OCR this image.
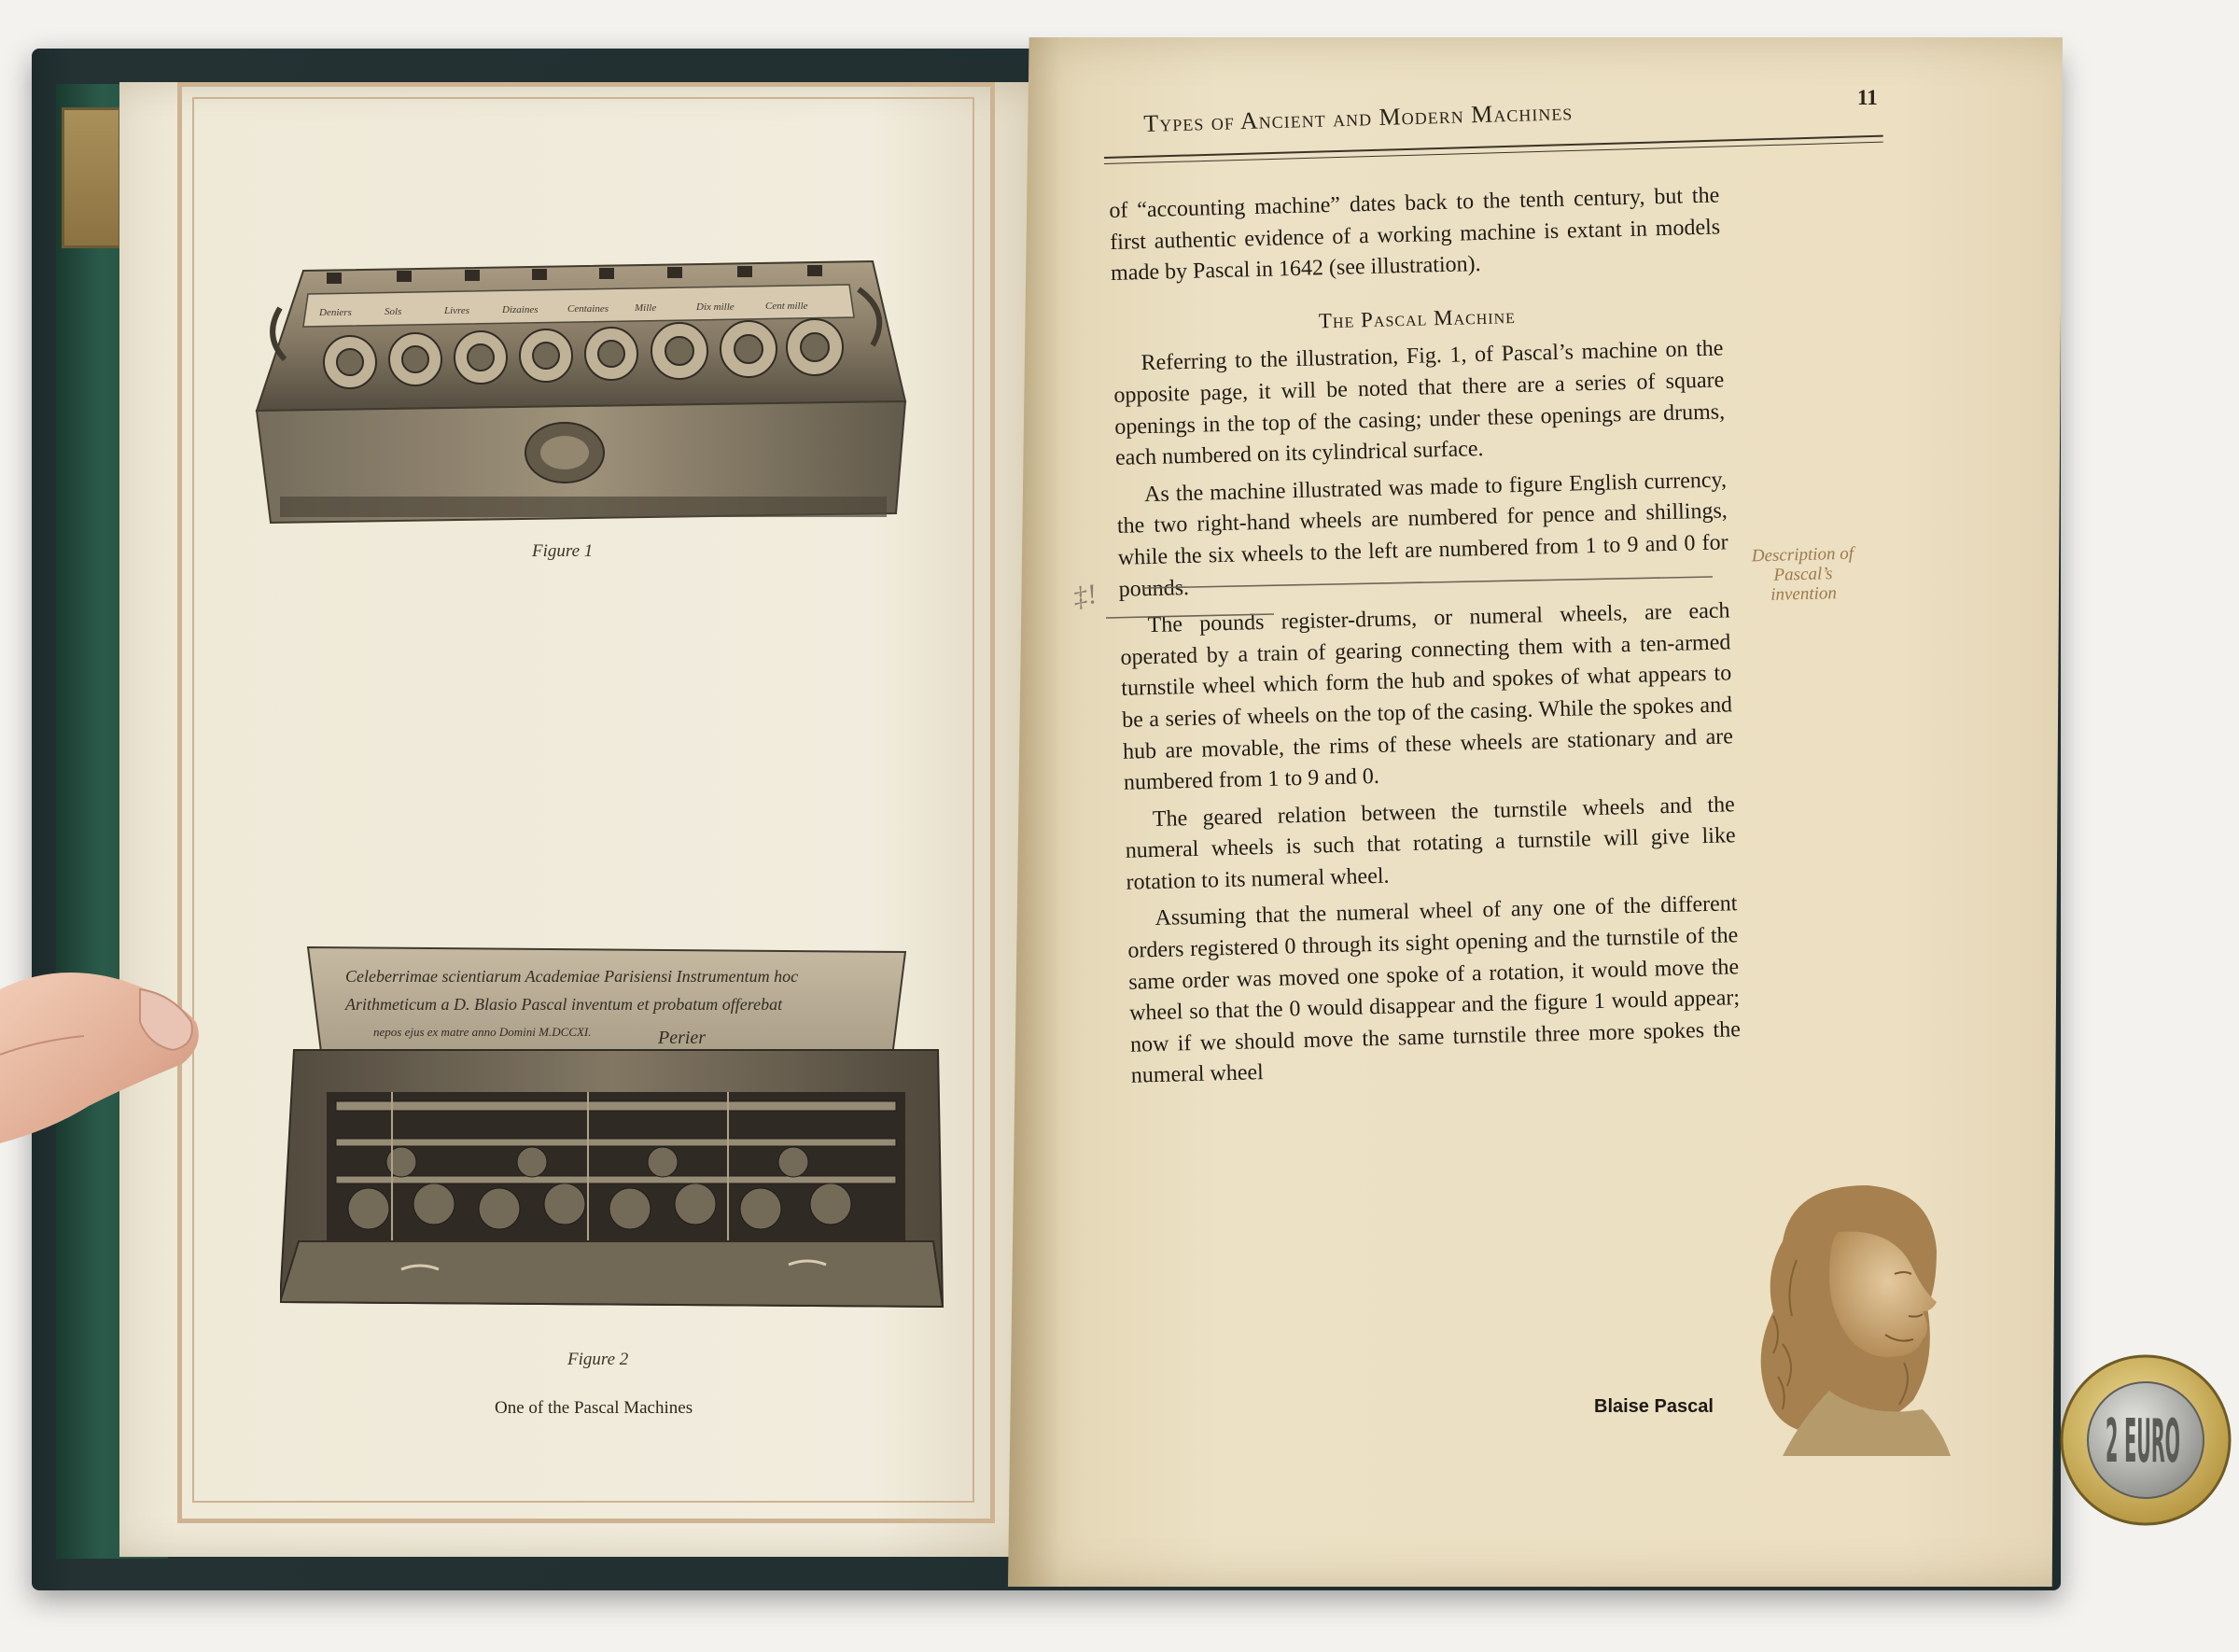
Deniers	Sols	Livres	Dizaines	Centaines	Mille	Dix mille	Cent mille
Figure 1
Celeberrimae scientiarum Academiae Parisiensi Instrumentum hoc
Arithmeticum a D. Blasio Pascal inventum et probatum offerebat
nepos ejus ex matre anno Domini M.DCCXI.	Perier
Figure 2
One of the Pascal Machines
Types of Ancient and Modern Machines
11

of “accounting machine” dates back to the tenth century, but the first authentic evidence of a working machine is extant in models made by Pascal in 1642 (see illustration).

The Pascal Machine

Referring to the illustration, Fig. 1, of Pascal’s machine on the opposite page, it will be noted that there are a series of square openings in the top of the casing; under these openings are drums, each numbered on its cylindrical surface.

As the machine illustrated was made to figure English currency, the two right-hand wheels are numbered for pence and shillings, while the six wheels to the left are numbered from 1 to 9 and 0 for pounds.

The pounds register-drums, or numeral wheels, are each operated by a train of gearing connecting them with a ten-armed turnstile wheel which form the hub and spokes of what appears to be a series of wheels on the top of the casing. While the spokes and hub are movable, the rims of these wheels are stationary and are numbered from 1 to 9 and 0.

The geared relation between the turnstile wheels and the numeral wheels is such that rotating a turnstile will give like rotation to its numeral wheel.

Assuming that the numeral wheel of any one of the different orders registered 0 through its sight opening and the turnstile of the same order was moved one spoke of a rotation, it would move the wheel so that the 0 would disappear and the figure 1 would appear; now if we should move the same turnstile three more spokes the numeral wheel

‡!
Description of Pascal’s invention
Blaise Pascal
2 EURO
